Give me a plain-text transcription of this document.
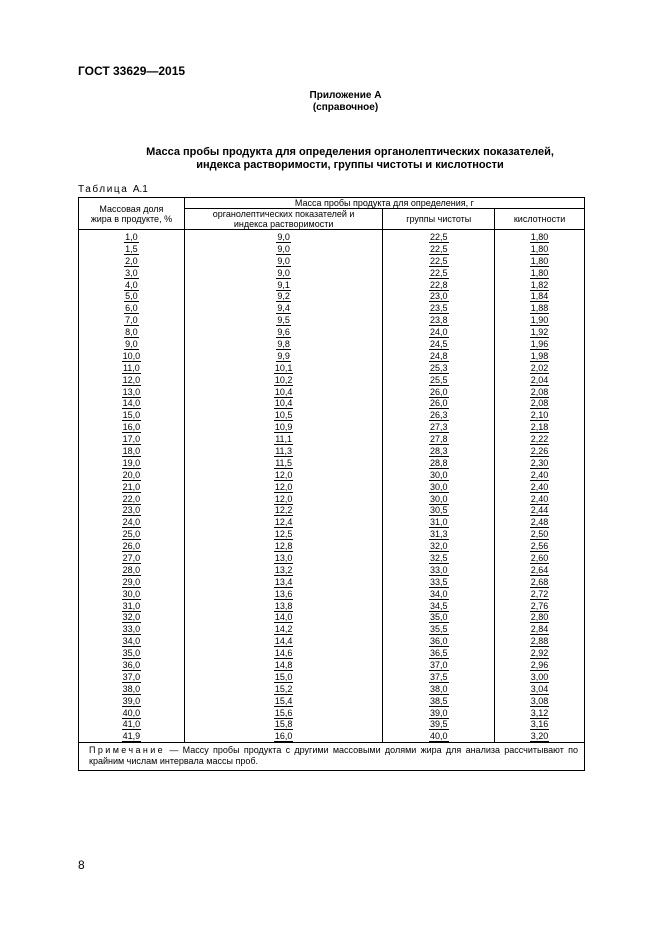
ГОСТ 33629—2015
Приложение А
(справочное)
Масса пробы продукта для определения органолептических показателей,
индекса растворимости, группы чистоты и кислотности
Таблица А.1
Массовая доля жира в продукте, %	Масса пробы продукта для определения, г		
	органолептических показателей и индекса растворимости	группы чистоты	кислотности
1,0	9,0	22,5	1,80
1,5	9,0	22,5	1,80
2,0	9,0	22,5	1,80
3,0	9,0	22,5	1,80
4,0	9,1	22,8	1,82
5,0	9,2	23,0	1,84
6,0	9,4	23,5	1,88
7,0	9,5	23,8	1,90
8,0	9,6	24,0	1,92
9,0	9,8	24,5	1,96
10,0	9,9	24,8	1,98
11,0	10,1	25,3	2,02
12,0	10,2	25,5	2,04
13,0	10,4	26,0	2,08
14,0	10,4	26,0	2,08
15,0	10,5	26,3	2,10
16,0	10,9	27,3	2,18
17,0	11,1	27,8	2,22
18,0	11,3	28,3	2,26
19,0	11,5	28,8	2,30
20,0	12,0	30,0	2,40
21,0	12,0	30,0	2,40
22,0	12,0	30,0	2,40
23,0	12,2	30,5	2,44
24,0	12,4	31,0	2,48
25,0	12,5	31,3	2,50
26,0	12,8	32,0	2,56
27,0	13,0	32,5	2,60
28,0	13,2	33,0	2,64
29,0	13,4	33,5	2,68
30,0	13,6	34,0	2,72
31,0	13,8	34,5	2,76
32,0	14,0	35,0	2,80
33,0	14,2	35,5	2,84
34,0	14,4	36,0	2,88
35,0	14,6	36,5	2,92
36,0	14,8	37,0	2,96
37,0	15,0	37,5	3,00
38,0	15,2	38,0	3,04
39,0	15,4	38,5	3,08
40,0	15,6	39,0	3,12
41,0	15,8	39,5	3,16
41,9	16,0	40,0	3,20
Примечание — Массу пробы продукта с другими массовыми долями жира для анализа рассчитывают по крайним числам интервала массы проб.			
8
